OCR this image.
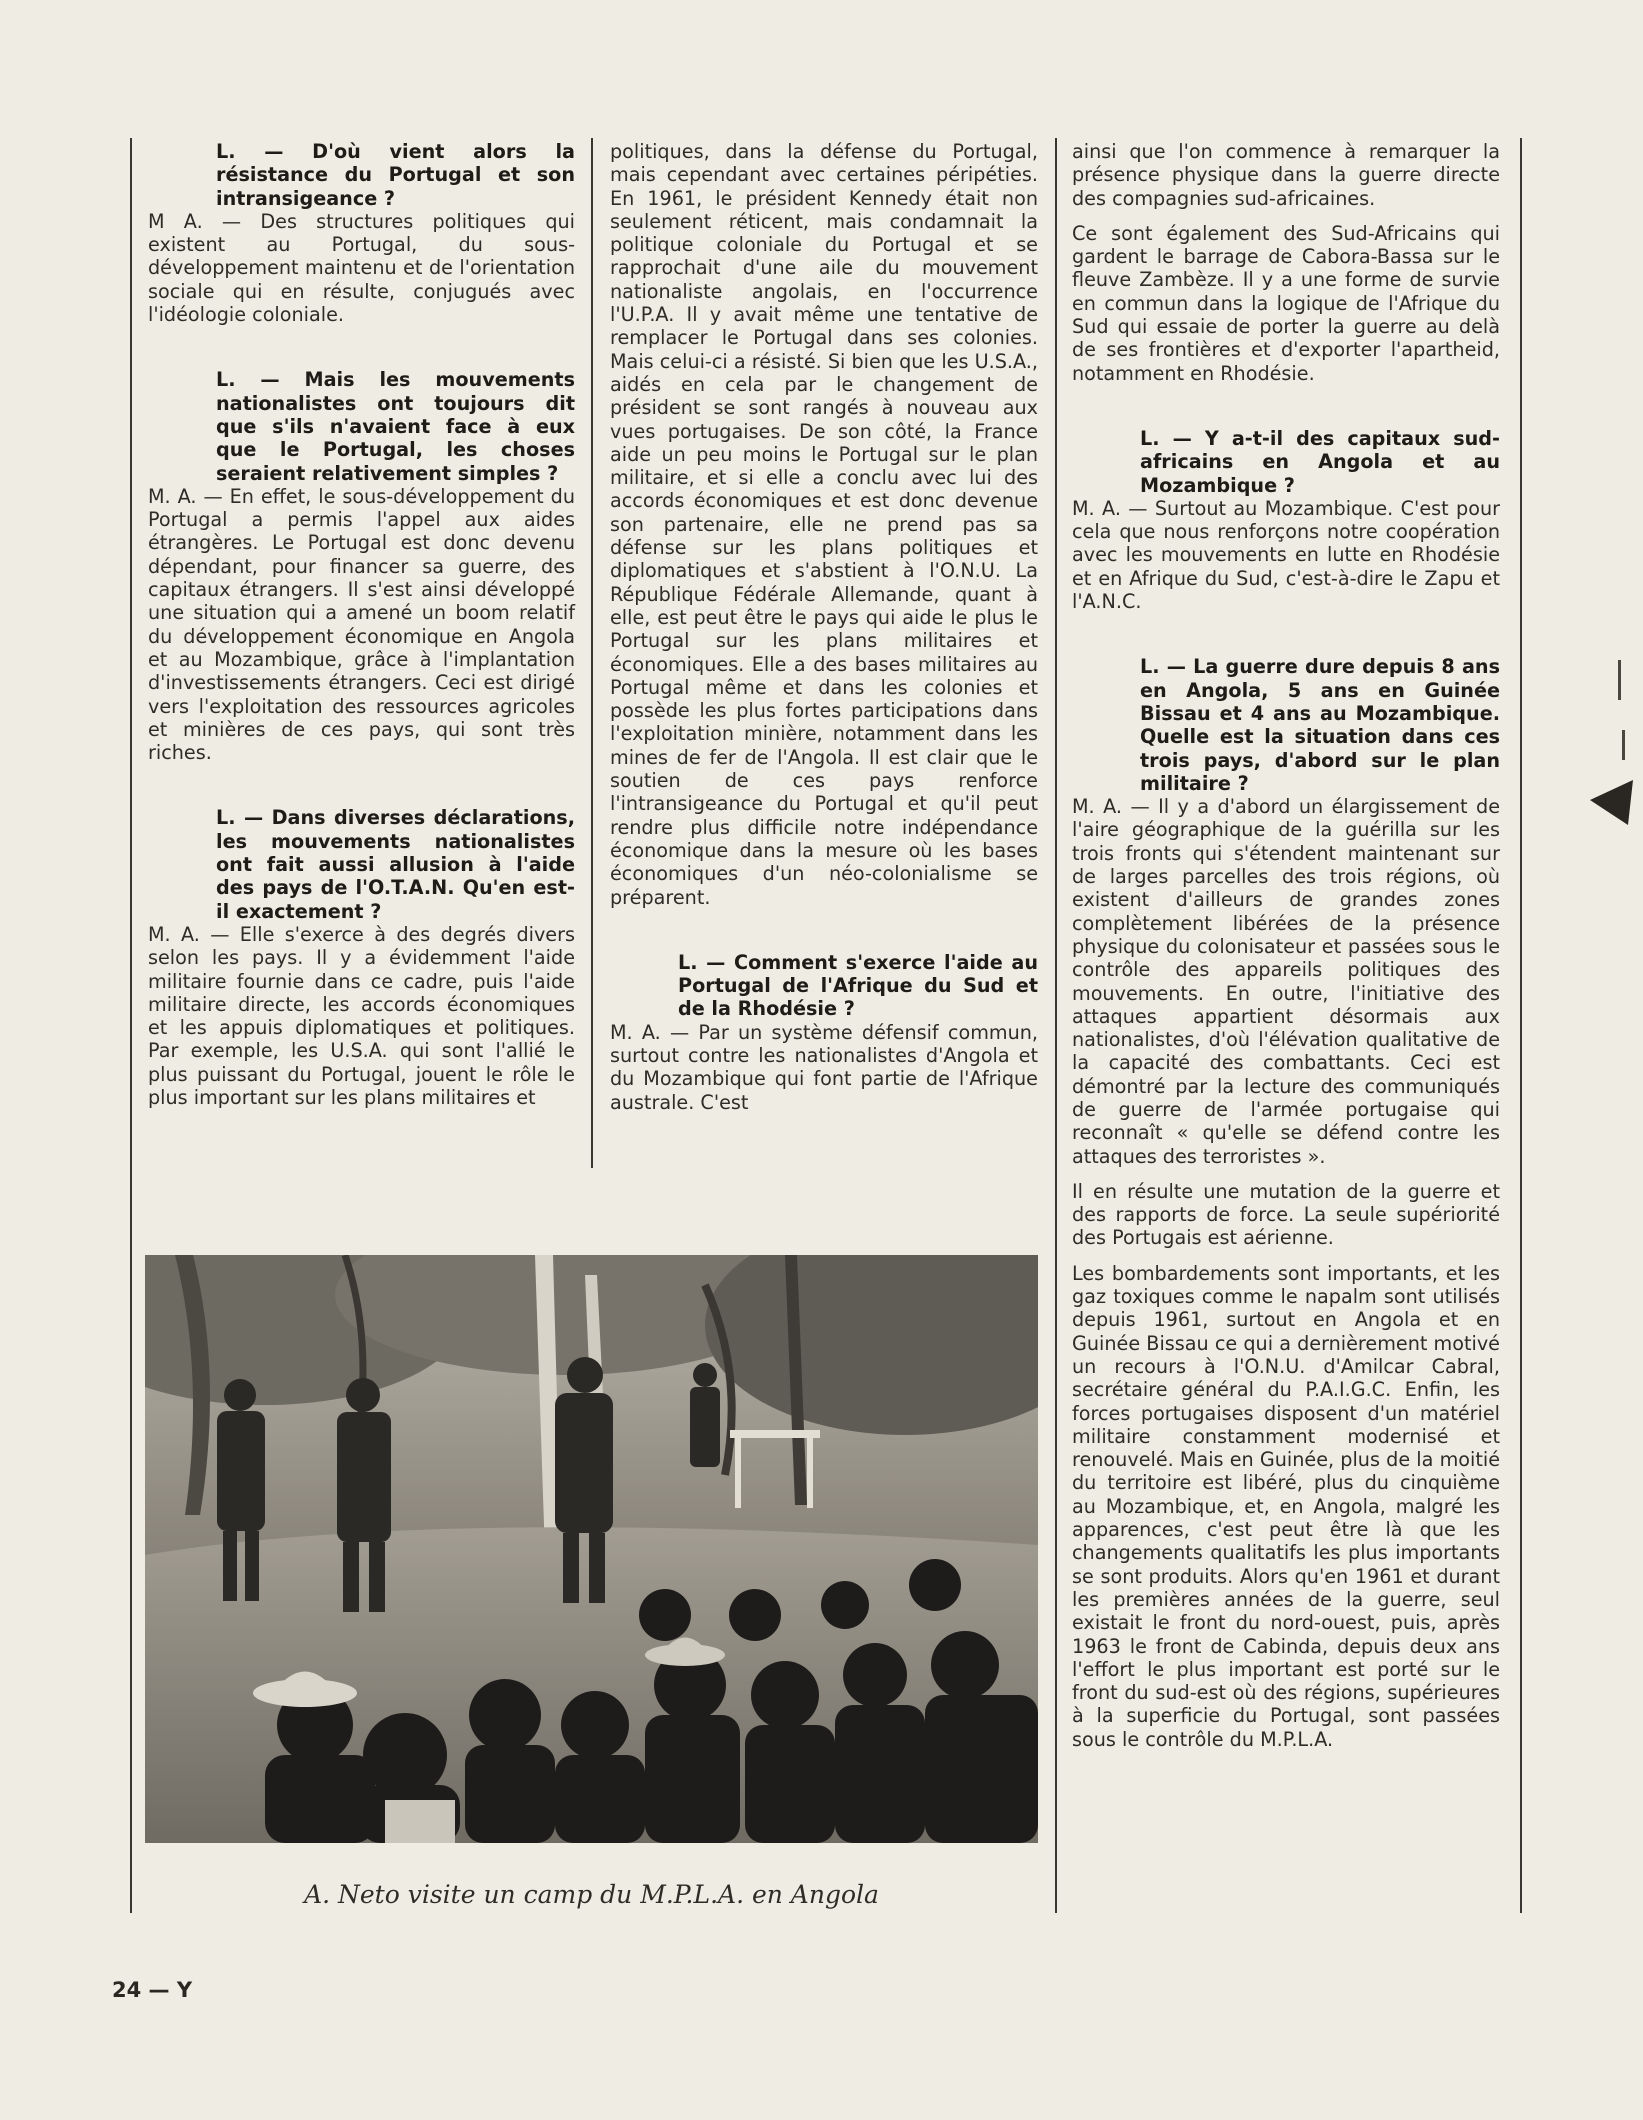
L. — D'où vient alors la résistance du Portugal et son intransigeance ?

M A. — Des structures politiques qui existent au Portugal, du sous-développement maintenu et de l'orientation sociale qui en résulte, conjugués avec l'idéologie coloniale.

L. — Mais les mouvements nationalistes ont toujours dit que s'ils n'avaient face à eux que le Portugal, les choses seraient relativement simples ?

M. A. — En effet, le sous-développement du Portugal a permis l'appel aux aides étrangères. Le Portugal est donc devenu dépendant, pour financer sa guerre, des capitaux étrangers. Il s'est ainsi développé une situation qui a amené un boom relatif du développement économique en Angola et au Mozambique, grâce à l'implantation d'investissements étrangers. Ceci est dirigé vers l'exploitation des ressources agricoles et minières de ces pays, qui sont très riches.

L. — Dans diverses déclarations, les mouvements nationalistes ont fait aussi allusion à l'aide des pays de l'O.T.A.N. Qu'en est-il exactement ?

M. A. — Elle s'exerce à des degrés divers selon les pays. Il y a évidemment l'aide militaire fournie dans ce cadre, puis l'aide militaire directe, les accords économiques et les appuis diplomatiques et politiques. Par exemple, les U.S.A. qui sont l'allié le plus puissant du Portugal, jouent le rôle le plus important sur les plans militaires et

politiques, dans la défense du Portugal, mais cependant avec certaines péripéties. En 1961, le président Kennedy était non seulement réticent, mais condamnait la politique coloniale du Portugal et se rapprochait d'une aile du mouvement nationaliste angolais, en l'occurrence l'U.P.A. Il y avait même une tentative de remplacer le Portugal dans ses colonies. Mais celui-ci a résisté. Si bien que les U.S.A., aidés en cela par le changement de président se sont rangés à nouveau aux vues portugaises. De son côté, la France aide un peu moins le Portugal sur le plan militaire, et si elle a conclu avec lui des accords économiques et est donc devenue son partenaire, elle ne prend pas sa défense sur les plans politiques et diplomatiques et s'abstient à l'O.N.U. La République Fédérale Allemande, quant à elle, est peut être le pays qui aide le plus le Portugal sur les plans militaires et économiques. Elle a des bases militaires au Portugal même et dans les colonies et possède les plus fortes participations dans l'exploitation minière, notamment dans les mines de fer de l'Angola. Il est clair que le soutien de ces pays renforce l'intransigeance du Portugal et qu'il peut rendre plus difficile notre indépendance économique dans la mesure où les bases économiques d'un néo-colonialisme se préparent.

L. — Comment s'exerce l'aide au Portugal de l'Afrique du Sud et de la Rhodésie ?

M. A. — Par un système défensif commun, surtout contre les nationalistes d'Angola et du Mozambique qui font partie de l'Afrique australe. C'est

ainsi que l'on commence à remarquer la présence physique dans la guerre directe des compagnies sud-africaines.

Ce sont également des Sud-Africains qui gardent le barrage de Cabora-Bassa sur le fleuve Zambèze. Il y a une forme de survie en commun dans la logique de l'Afrique du Sud qui essaie de porter la guerre au delà de ses frontières et d'exporter l'apartheid, notamment en Rhodésie.

L. — Y a-t-il des capitaux sud-africains en Angola et au Mozambique ?

M. A. — Surtout au Mozambique. C'est pour cela que nous renforçons notre coopération avec les mouvements en lutte en Rhodésie et en Afrique du Sud, c'est-à-dire le Zapu et l'A.N.C.

L. — La guerre dure depuis 8 ans en Angola, 5 ans en Guinée Bissau et 4 ans au Mozambique. Quelle est la situation dans ces trois pays, d'abord sur le plan militaire ?

M. A. — Il y a d'abord un élargissement de l'aire géographique de la guérilla sur les trois fronts qui s'étendent maintenant sur de larges parcelles des trois régions, où existent d'ailleurs de grandes zones complètement libérées de la présence physique du colonisateur et passées sous le contrôle des appareils politiques des mouvements. En outre, l'initiative des attaques appartient désormais aux nationalistes, d'où l'élévation qualitative de la capacité des combattants. Ceci est démontré par la lecture des communiqués de guerre de l'armée portugaise qui reconnaît « qu'elle se défend contre les attaques des terroristes ».

Il en résulte une mutation de la guerre et des rapports de force. La seule supériorité des Portugais est aérienne.

Les bombardements sont importants, et les gaz toxiques comme le napalm sont utilisés depuis 1961, surtout en Angola et en Guinée Bissau ce qui a dernièrement motivé un recours à l'O.N.U. d'Amilcar Cabral, secrétaire général du P.A.I.G.C. Enfin, les forces portugaises disposent d'un matériel militaire constamment modernisé et renouvelé. Mais en Guinée, plus de la moitié du territoire est libéré, plus du cinquième au Mozambique, et, en Angola, malgré les apparences, c'est peut être là que les changements qualitatifs les plus importants se sont produits. Alors qu'en 1961 et durant les premières années de la guerre, seul existait le front du nord-ouest, puis, après 1963 le front de Cabinda, depuis deux ans l'effort le plus important est porté sur le front du sud-est où des régions, supérieures à la superficie du Portugal, sont passées sous le contrôle du M.P.L.A.

A. Neto visite un camp du M.P.L.A. en Angola
24 — Y
